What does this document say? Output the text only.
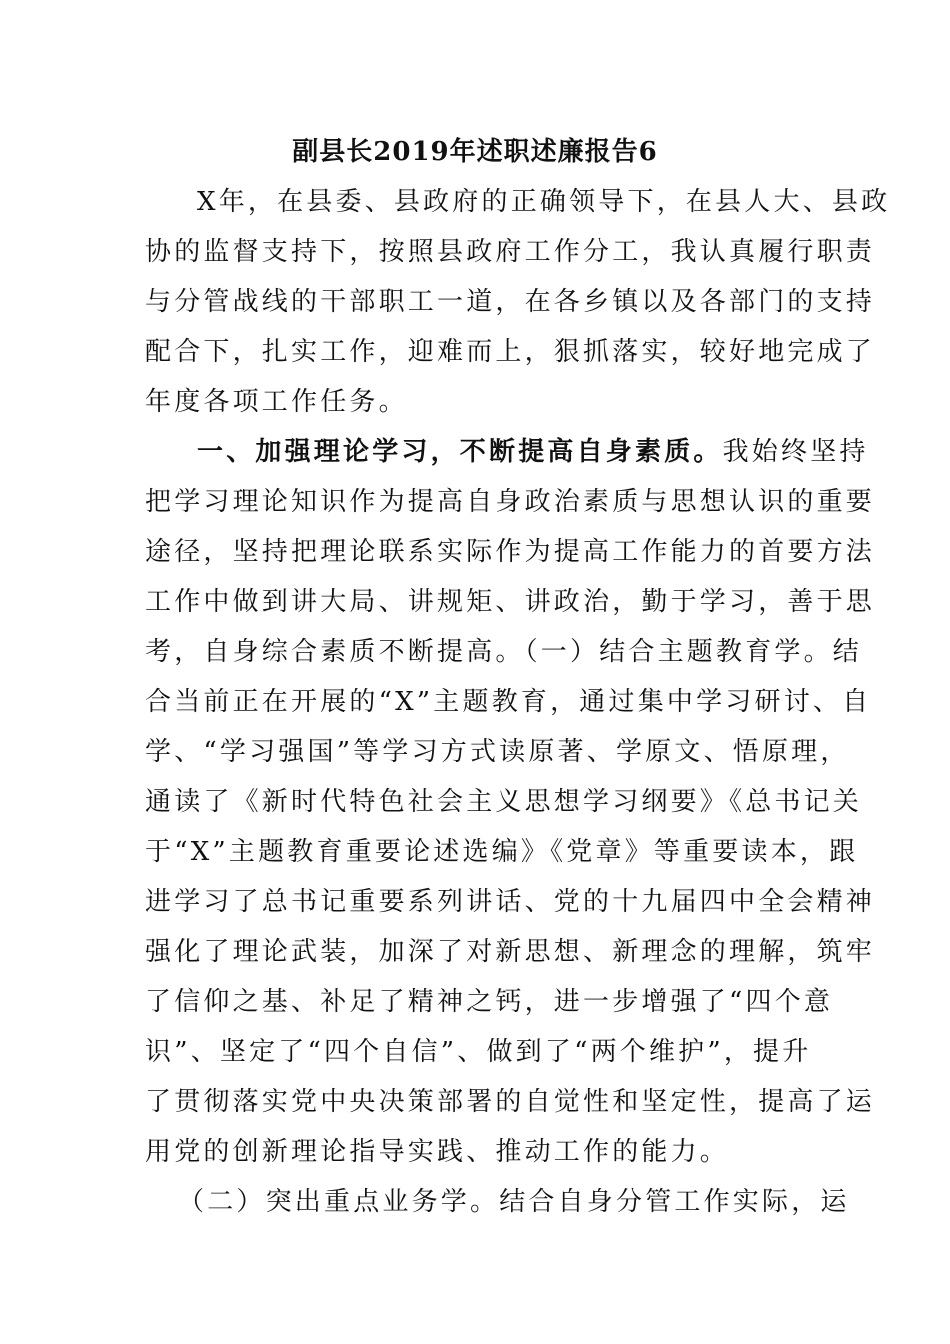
副县长2019年述职述廉报告6
X年，在县委、县政府的正确领导下，在县人大、县政
协的监督支持下，按照县政府工作分工，我认真履行职责
与分管战线的干部职工一道，在各乡镇以及各部门的支持
配合下，扎实工作，迎难而上，狠抓落实，较好地完成了
年度各项工作任务。
一、加强理论学习，不断提高自身素质。我始终坚持
把学习理论知识作为提高自身政治素质与思想认识的重要
途径，坚持把理论联系实际作为提高工作能力的首要方法
工作中做到讲大局、讲规矩、讲政治，勤于学习，善于思
考，自身综合素质不断提高。（一）结合主题教育学。结
合当前正在开展的“X”主题教育，通过集中学习研讨、自
学、“学习强国”等学习方式读原著、学原文、悟原理，
通读了《新时代特色社会主义思想学习纲要》《总书记关
于“X”主题教育重要论述选编》《党章》等重要读本，跟
进学习了总书记重要系列讲话、党的十九届四中全会精神
强化了理论武装，加深了对新思想、新理念的理解，筑牢
了信仰之基、补足了精神之钙，进一步增强了“四个意
识”、坚定了“四个自信”、做到了“两个维护”，提升
了贯彻落实党中央决策部署的自觉性和坚定性，提高了运
用党的创新理论指导实践、推动工作的能力。
（二）突出重点业务学。结合自身分管工作实际，运
